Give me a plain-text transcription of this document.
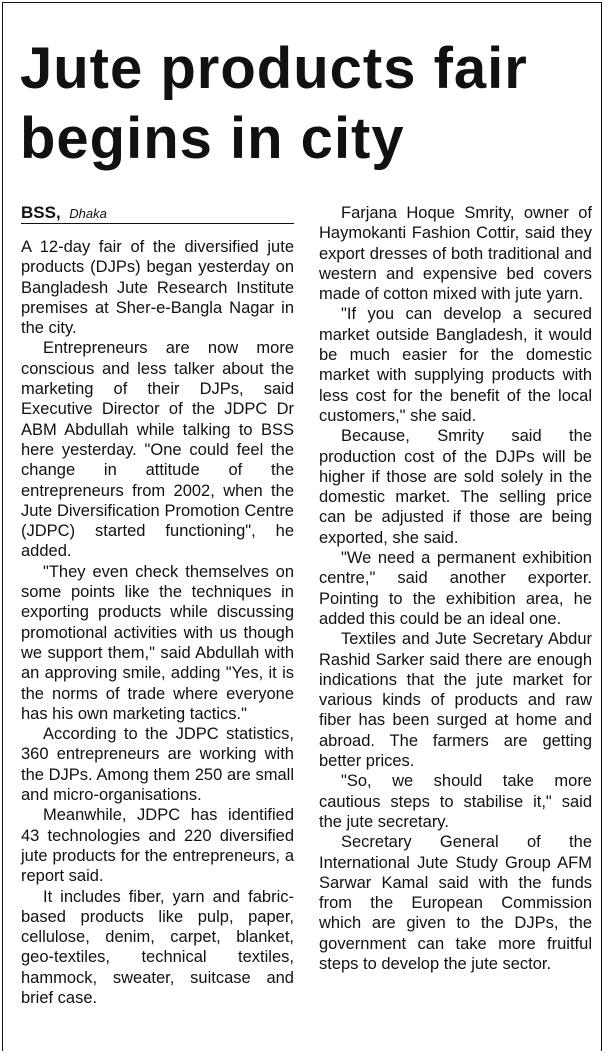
Jute products fair begins in city
BSS, Dhaka

A 12-day fair of the diversified jute products (DJPs) began yesterday on Bangladesh Jute Research Institute premises at Sher-e-Bangla Nagar in the city.

Entrepreneurs are now more conscious and less talker about the marketing of their DJPs, said Executive Director of the JDPC Dr ABM Abdullah while talking to BSS here yesterday. "One could feel the change in attitude of the entrepreneurs from 2002, when the Jute Diversification Promotion Centre (JDPC) started functioning", he added.

"They even check themselves on some points like the techniques in exporting products while discussing promotional activities with us though we support them," said Abdullah with an approving smile, adding "Yes, it is the norms of trade where everyone has his own marketing tactics."

According to the JDPC statistics, 360 entrepreneurs are working with the DJPs. Among them 250 are small and micro-organisations.

Meanwhile, JDPC has identified 43 technologies and 220 diversified jute products for the entrepreneurs, a report said.

It includes fiber, yarn and fabric-based products like pulp, paper, cellulose, denim, carpet, blanket, geo-textiles, technical textiles, hammock, sweater, suitcase and brief case.

Farjana Hoque Smrity, owner of Haymokanti Fashion Cottir, said they export dresses of both traditional and western and expensive bed covers made of cotton mixed with jute yarn.

"If you can develop a secured market outside Bangladesh, it would be much easier for the domestic market with supplying products with less cost for the benefit of the local customers," she said.

Because, Smrity said the production cost of the DJPs will be higher if those are sold solely in the domestic market. The selling price can be adjusted if those are being exported, she said.

"We need a permanent exhibition centre," said another exporter. Pointing to the exhibition area, he added this could be an ideal one.

Textiles and Jute Secretary Abdur Rashid Sarker said there are enough indications that the jute market for various kinds of products and raw fiber has been surged at home and abroad. The farmers are getting better prices.

"So, we should take more cautious steps to stabilise it," said the jute secretary.

Secretary General of the International Jute Study Group AFM Sarwar Kamal said with the funds from the European Commission which are given to the DJPs, the government can take more fruitful steps to develop the jute sector.
